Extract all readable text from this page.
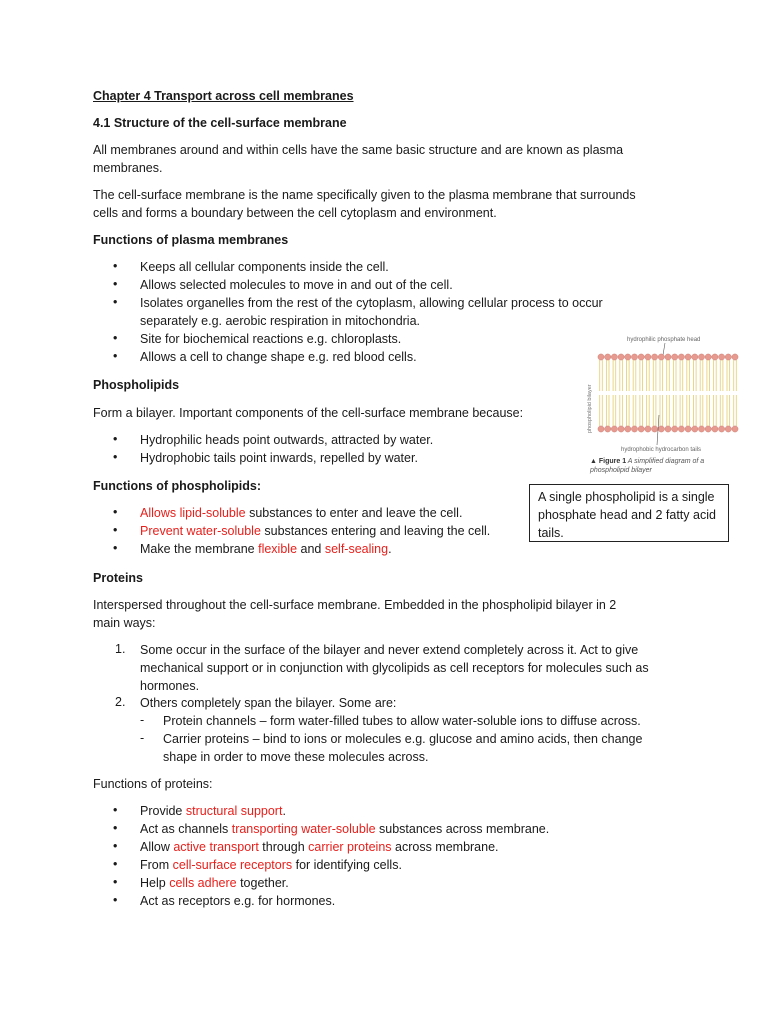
Chapter 4 Transport across cell membranes

4.1 Structure of the cell-surface membrane

All membranes around and within cells have the same basic structure and are known as plasma

membranes.

The cell-surface membrane is the name specifically given to the plasma membrane that surrounds

cells and forms a boundary between the cell cytoplasm and environment.

Functions of plasma membranes

• Keeps all cellular components inside the cell.
• Allows selected molecules to move in and out of the cell.
• Isolates organelles from the rest of the cytoplasm, allowing cellular process to occur
separately e.g. aerobic respiration in mitochondria.
• Site for biochemical reactions e.g. chloroplasts.
• Allows a cell to change shape e.g. red blood cells.

Phospholipids

Form a bilayer. Important components of the cell-surface membrane because:

• Hydrophilic heads point outwards, attracted by water.
• Hydrophobic tails point inwards, repelled by water.

Functions of phospholipids:

• Allows lipid-soluble substances to enter and leave the cell.
• Prevent water-soluble substances entering and leaving the cell.
• Make the membrane flexible and self-sealing.
hydrophilic phosphate head
hydrophobic hydrocarbon tails
phospholipid bilayer
▲ Figure 1 A simplified diagram of a
phospholipid bilayer
A single phospholipid is a single phosphate head and 2 fatty acid tails.

Proteins

Interspersed throughout the cell-surface membrane. Embedded in the phospholipid bilayer in 2

main ways:

1. Some occur in the surface of the bilayer and never extend completely across it. Act to give
mechanical support or in conjunction with glycolipids as cell receptors for molecules such as
hormones.
2. Others completely span the bilayer. Some are:
- Protein channels – form water-filled tubes to allow water-soluble ions to diffuse across.
- Carrier proteins – bind to ions or molecules e.g. glucose and amino acids, then change
shape in order to move these molecules across.

Functions of proteins:

• Provide structural support.
• Act as channels transporting water-soluble substances across membrane.
• Allow active transport through carrier proteins across membrane.
• From cell-surface receptors for identifying cells.
• Help cells adhere together.
• Act as receptors e.g. for hormones.
